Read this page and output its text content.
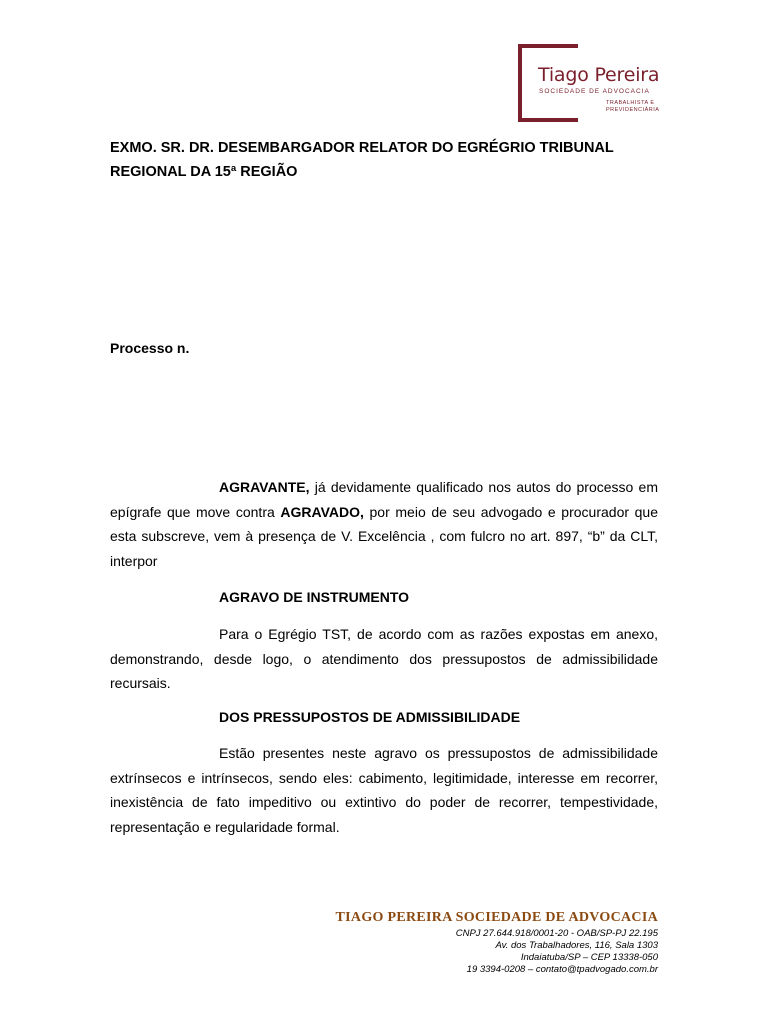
Tiago Pereira
SOCIEDADE DE ADVOCACIA
TRABALHISTA E
PREVIDENCIÁRIA
EXMO. SR. DR. DESEMBARGADOR RELATOR DO EGRÉGRIO TRIBUNAL
REGIONAL DA 15ª REGIÃO
Processo n.
AGRAVANTE, já devidamente qualificado nos autos do processo em epígrafe que move contra AGRAVADO, por meio de seu advogado e procurador que esta subscreve, vem à presença de V. Excelência , com fulcro no art. 897, “b” da CLT, interpor
AGRAVO DE INSTRUMENTO
Para o Egrégio TST, de acordo com as razões expostas em anexo, demonstrando, desde logo, o atendimento dos pressupostos de admissibilidade recursais.
DOS PRESSUPOSTOS DE ADMISSIBILIDADE
Estão presentes neste agravo os pressupostos de admissibilidade extrínsecos e intrínsecos, sendo eles: cabimento, legitimidade, interesse em recorrer, inexistência de fato impeditivo ou extintivo do poder de recorrer, tempestividade, representação e regularidade formal.
TIAGO PEREIRA SOCIEDADE DE ADVOCACIA
CNPJ 27.644.918/0001-20 - OAB/SP-PJ 22.195
Av. dos Trabalhadores, 116, Sala 1303
Indaiatuba/SP – CEP 13338-050
19 3394-0208 – contato@tpadvogado.com.br
